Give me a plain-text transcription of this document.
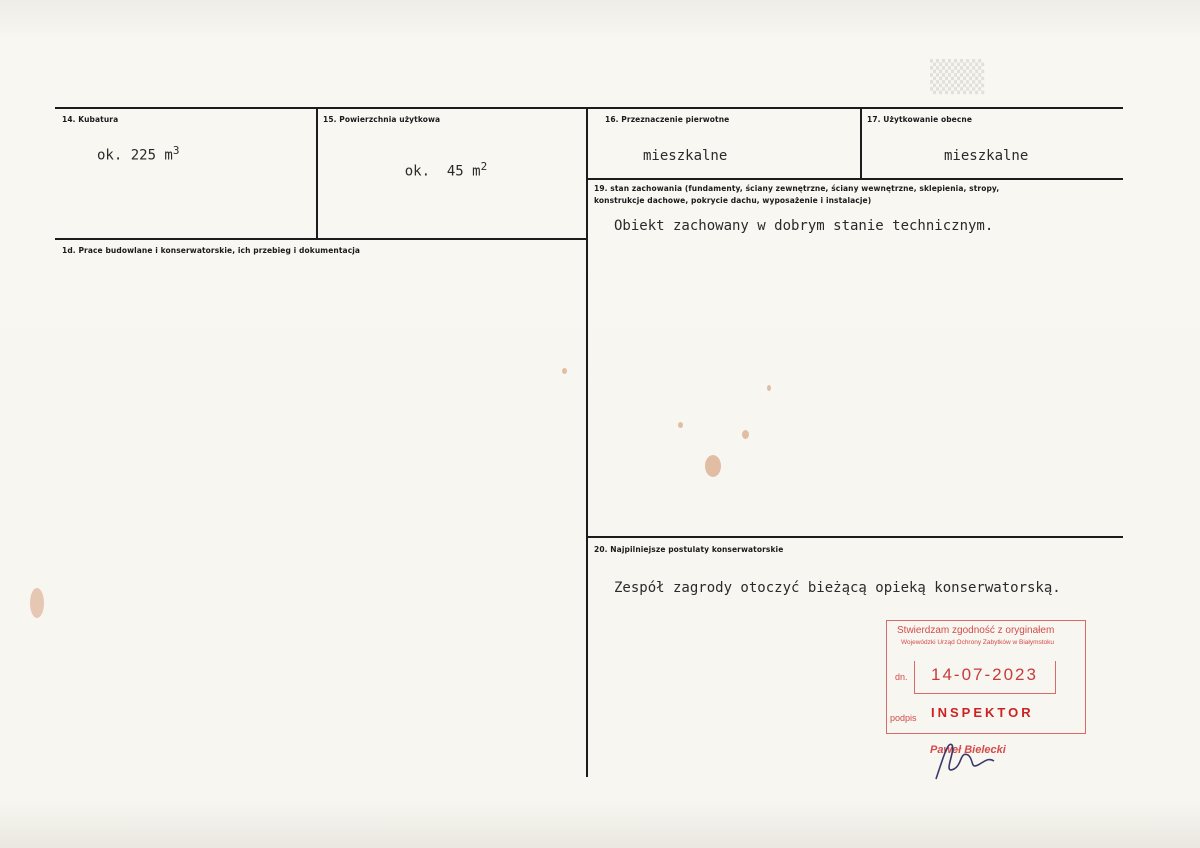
▒▒▒
14. Kubatura
ok. 225 $m^3$
15. Powierzchnia użytkowa

ok.  45 $m^2$

16. Przeznaczenie pierwotne
mieszkalne
17. Użytkowanie obecne
mieszkalne
1d. Prace budowlane i konserwatorskie, ich przebieg i dokumentacja
19. stan zachowania (fundamenty, ściany zewnętrzne, ściany wewnętrzne, sklepienia, stropy,
konstrukcje dachowe, pokrycie dachu, wyposażenie i instalacje)
Obiekt zachowany w dobrym stanie technicznym.
20. Najpilniejsze postulaty konserwatorskie
Zespół zagrody otoczyć bieżącą opieką konserwatorską.
Stwierdzam zgodność z oryginałem
Wojewódzki Urząd Ochrony Zabytków w Białymstoku
dn. 14-07-2023
podpis INSPEKTOR
Paweł Bielecki
